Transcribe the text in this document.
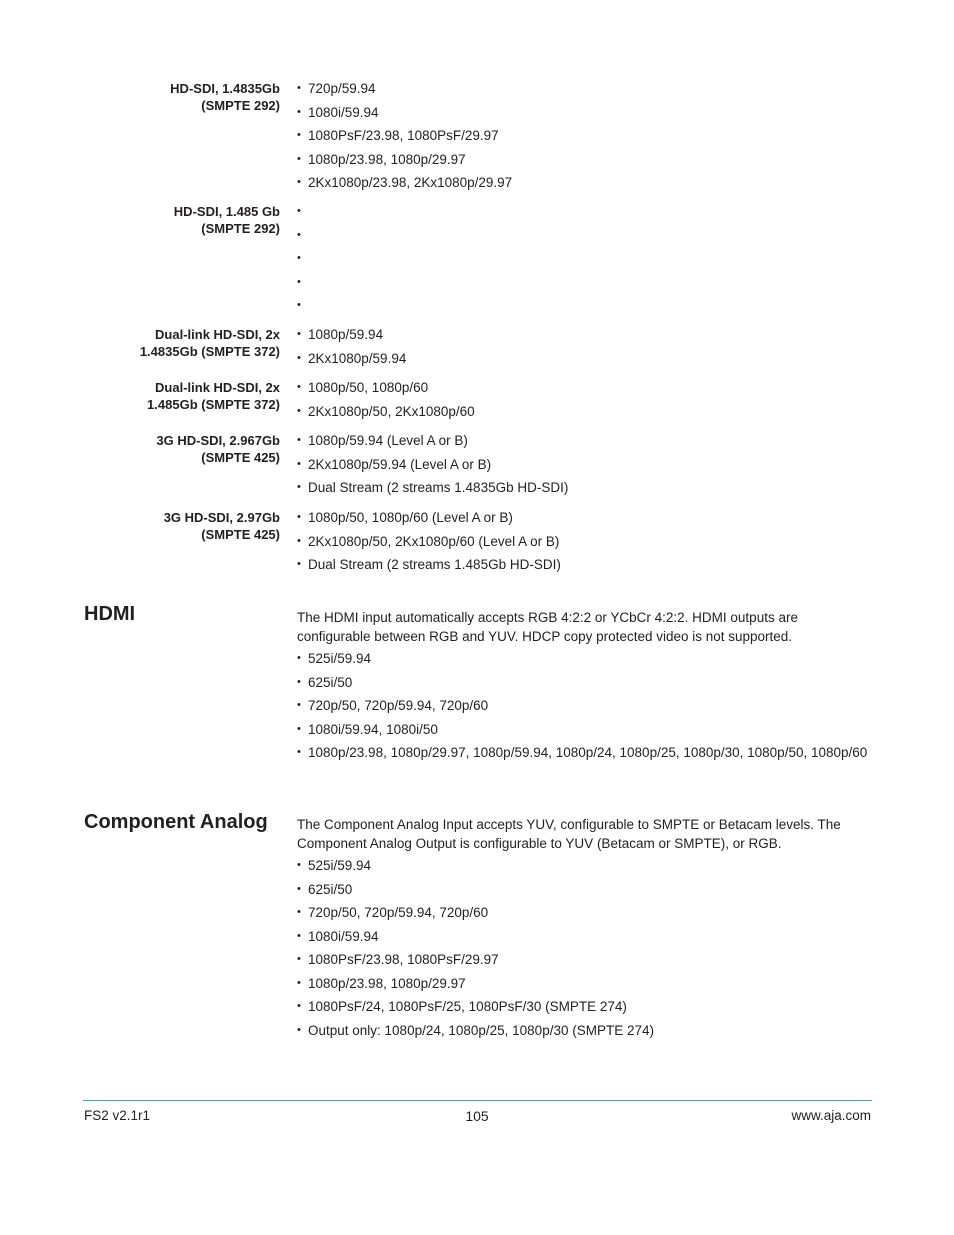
HD-SDI, 1.4835Gb
(SMPTE 292)
• 720p/59.94
• 1080i/59.94
• 1080PsF/23.98, 1080PsF/29.97
• 1080p/23.98, 1080p/29.97
• 2Kx1080p/23.98, 2Kx1080p/29.97
HD-SDI, 1.485 Gb
(SMPTE 292)
•
•
•
•
•
Dual-link HD-SDI, 2x
1.4835Gb (SMPTE 372)
• 1080p/59.94
• 2Kx1080p/59.94
Dual-link HD-SDI, 2x
1.485Gb (SMPTE 372)
• 1080p/50, 1080p/60
• 2Kx1080p/50, 2Kx1080p/60
3G HD-SDI, 2.967Gb
(SMPTE 425)
• 1080p/59.94 (Level A or B)
• 2Kx1080p/59.94 (Level A or B)
• Dual Stream (2 streams 1.4835Gb HD-SDI)
3G HD-SDI, 2.97Gb
(SMPTE 425)
• 1080p/50, 1080p/60 (Level A or B)
• 2Kx1080p/50, 2Kx1080p/60 (Level A or B)
• Dual Stream (2 streams 1.485Gb HD-SDI)
HDMI	The HDMI input automatically accepts RGB 4:2:2 or YCbCr 4:2:2. HDMI outputs are configurable between RGB and YUV. HDCP copy protected video is not supported.
• 525i/59.94
• 625i/50
• 720p/50, 720p/59.94, 720p/60
• 1080i/59.94, 1080i/50
• 1080p/23.98, 1080p/29.97, 1080p/59.94, 1080p/24, 1080p/25, 1080p/30, 1080p/50, 1080p/60
Component Analog The Component Analog Input accepts YUV, configurable to SMPTE or Betacam levels. The Component Analog Output is configurable to YUV (Betacam or SMPTE), or RGB.
• 525i/59.94
• 625i/50
• 720p/50, 720p/59.94, 720p/60
• 1080i/59.94
• 1080PsF/23.98, 1080PsF/29.97
• 1080p/23.98, 1080p/29.97
• 1080PsF/24, 1080PsF/25, 1080PsF/30 (SMPTE 274)
• Output only: 1080p/24, 1080p/25, 1080p/30 (SMPTE 274)
FS2 v2.1r1	105	www.aja.com
